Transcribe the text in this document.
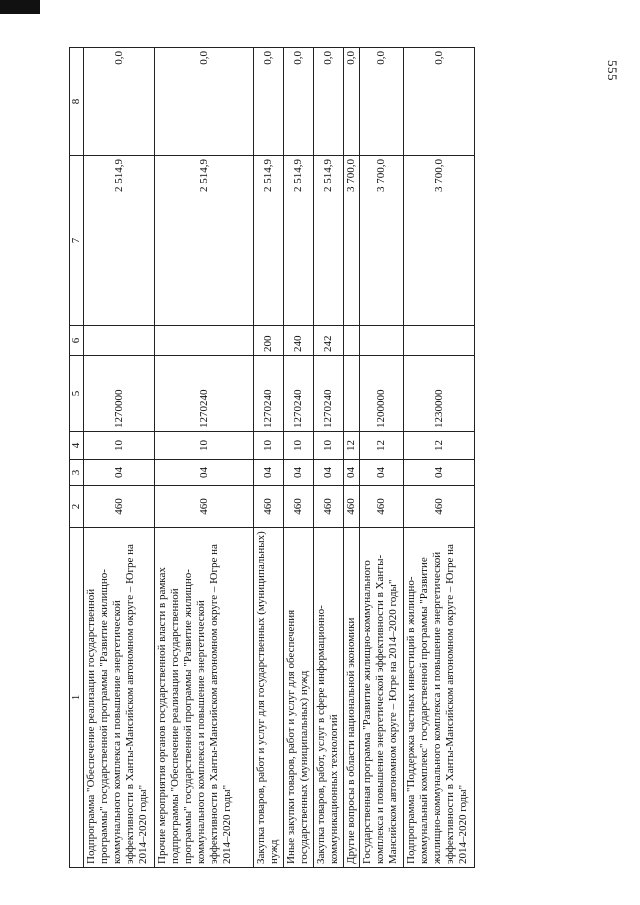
555
1	2	3	4	5	6	7	8
Подпрограмма "Обеспечение реализации государственной программы" государственной программы "Развитие жилищно-коммунального комплекса и повышение энергетической эффективности в Ханты-Мансийском автономном округе – Югре на 2014–2020 годы"	460	04	10	1270000		2 514,9	0,0
Прочие мероприятия органов государственной власти в рамках подпрограммы "Обеспечение реализации государственной программы" государственной программы "Развитие жилищно-коммунального комплекса и повышение энергетической эффективности в Ханты-Мансийском автономном округе – Югре на 2014–2020 годы"	460	04	10	1270240		2 514,9	0,0
Закупка товаров, работ и услуг для государственных (муниципальных) нужд	460	04	10	1270240	200	2 514,9	0,0
Иные закупки товаров, работ и услуг для обеспечения государственных (муниципальных) нужд	460	04	10	1270240	240	2 514,9	0,0
Закупка товаров, работ, услуг в сфере информационно-коммуникационных технологий	460	04	10	1270240	242	2 514,9	0,0
Другие вопросы в области национальной экономики	460	04	12			3 700,0	0,0
Государственная программа "Развитие жилищно-коммунального комплекса и повышение энергетической эффективности в Ханты-Мансийском автономном округе – Югре на 2014–2020 годы"	460	04	12	1200000		3 700,0	0,0
Подпрограмма "Поддержка частных инвестиций в жилищно-коммунальный комплекс" государственной программы "Развитие жилищно-коммунального комплекса и повышение энергетической эффективности в Ханты-Мансийском автономном округе – Югре на 2014–2020 годы"	460	04	12	1230000		3 700,0	0,0
